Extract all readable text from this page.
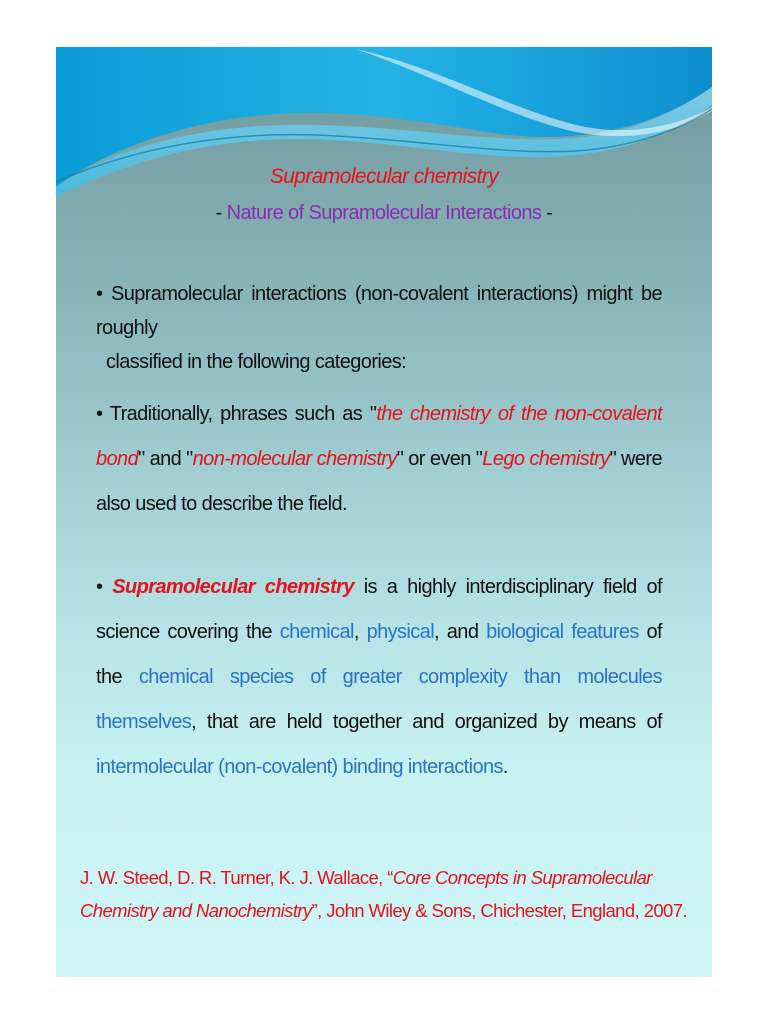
Supramolecular chemistry
- Nature of Supramolecular Interactions -
• Supramolecular interactions (non-covalent interactions) might be roughly
classified in the following categories:
• Traditionally, phrases such as "the chemistry of the non-covalent bond" and "non-molecular chemistry" or even "Lego chemistry" were also used to describe the field.
• Supramolecular chemistry is a highly interdisciplinary field of science covering the chemical, physical, and biological features of the chemical species of greater complexity than molecules themselves, that are held together and organized by means of intermolecular (non-covalent) binding interactions.
J. W. Steed, D. R. Turner, K. J. Wallace, “Core Concepts in Supramolecular Chemistry and Nanochemistry”, John Wiley & Sons, Chichester, England, 2007.
